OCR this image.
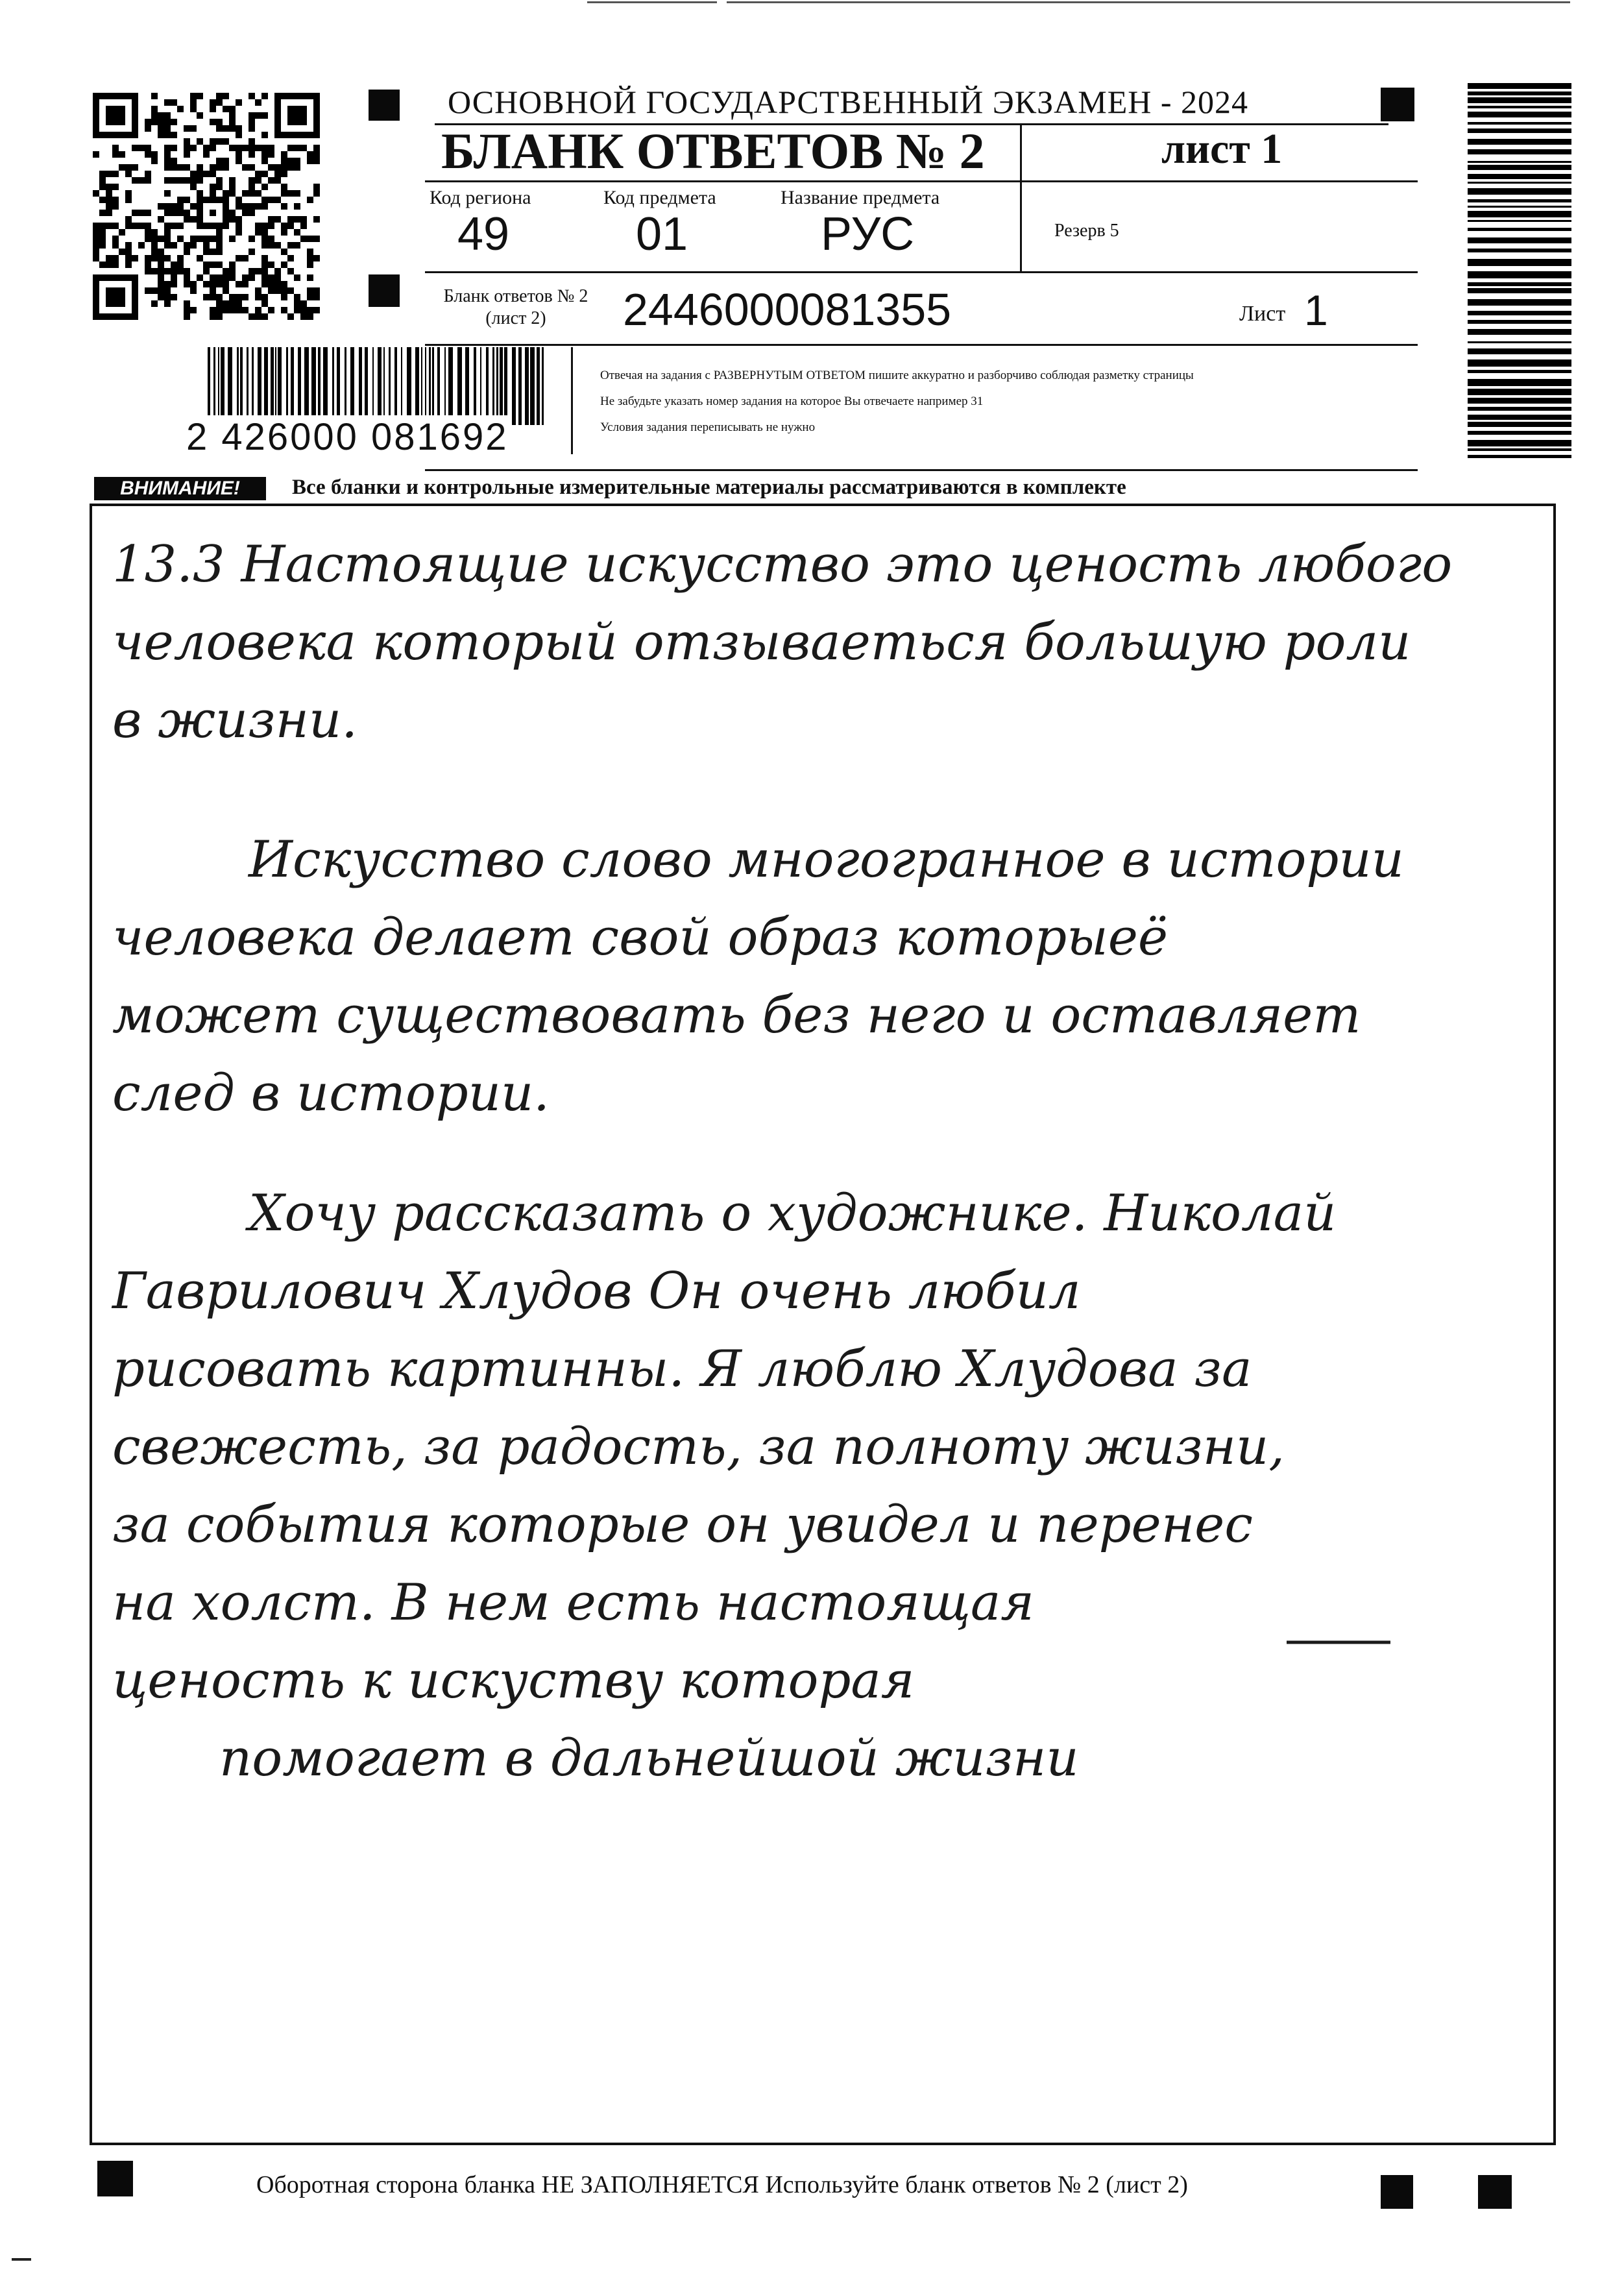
ОСНОВНОЙ ГОСУДАРСТВЕННЫЙ ЭКЗАМЕН - 2024
БЛАНК ОТВЕТОВ № 2	лист 1
Код региона	Код предмета	Название предмета
49	01	РУС	Резерв 5
Бланк ответов № 2
(лист 2)	2446000081355	Лист 1
2 426000 081692
Отвечая на задания с РАЗВЕРНУТЫМ ОТВЕТОМ пишите аккуратно и разборчиво соблюдая разметку страницы
Не забудьте указать номер задания на которое Вы отвечаете например 31
Условия задания переписывать не нужно
ВНИМАНИЕ!	Все бланки и контрольные измерительные материалы рассматриваются в комплекте
13.3 Настоящие искусство это ценость любого
человека который отзываеться большую роли
в жизни.
Искусство слово многогранное в истории
человека делает свой образ которыеё
может существовать без него и оставляет
след в истории.
Хочу рассказать о художнике. Николай
Гаврилович Хлудов Он очень любил
рисовать картинны. Я люблю Хлудова за
свежесть, за радость, за полноту жизни,
за события которые он увидел и перенес
на холст. В нем есть настоящая
ценость к искуству которая
помогает в дальнейшой жизни
Оборотная сторона бланка НЕ ЗАПОЛНЯЕТСЯ Используйте бланк ответов № 2 (лист 2)
